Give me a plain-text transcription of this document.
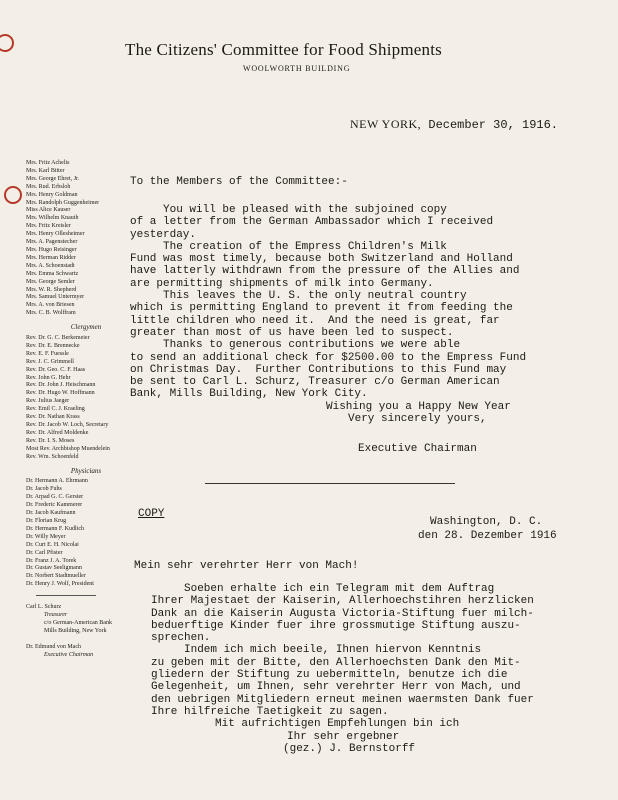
The Citizens' Committee for Food Shipments
WOOLWORTH BUILDING
NEW YORK, December 30, 1916.
Mrs. Fritz Achelis
Mrs. Karl Bitter
Mrs. George Ehret, Jr.
Mrs. Rud. Erbsloh
Mrs. Henry Goldman
Mrs. Randolph Guggenheimer
Miss Alice Kauser
Mrs. Wilhelm Knauth
Mrs. Fritz Kreisler
Mrs. Henry Ollesheimer
Mrs. A. Pagenstecher
Mrs. Hugo Reisinger
Mrs. Herman Ridder
Mrs. A. Schoenstadt
Mrs. Emma Schwartz
Mrs. George Semler
Mrs. W. R. Shepherd
Mrs. Samuel Untermyer
Mrs. A. von Briesen
Mrs. C. B. Wolffram
Clergymen
Rev. Dr. G. C. Berkemeier
Rev. Dr. E. Brennecke
Rev. E. F. Fuessle
Rev. J. C. Grimmell
Rev. Dr. Geo. C. F. Haas
Rev. John G. Hehr
Rev. Dr. John J. Heischmann
Rev. Dr. Hugo W. Hoffmann
Rev. Julius Jaeger
Rev. Emil C. J. Kraeling
Rev. Dr. Nathan Krass
Rev. Dr. Jacob W. Loch, Secretary
Rev. Dr. Alfred Moldenke
Rev. Dr. I. S. Moses
Most Rev. Archbishop Muendelein
Rev. Wm. Schoenfeld
Physicians
Dr. Hermann A. Ehrmann
Dr. Jacob Fuhs
Dr. Arpad G. C. Gerster
Dr. Frederic Kammerer
Dr. Jacob Kaufmann
Dr. Florian Krug
Dr. Hermann F. Kudlich
Dr. Willy Meyer
Dr. Curt E. H. Nicolai
Dr. Carl Pfister
Dr. Franz J. A. Torek
Dr. Gustav Seeligmann
Dr. Norbert Stadtmueller
Dr. Henry J. Wolf, President
Carl L. Schurz
Treasurer
c/o German-American Bank
Mills Building, New York
Dr. Edmund von Mach
Executive Chairman
To the Members of the Committee:-

You will be pleased with the subjoined copy
of a letter from the German Ambassador which I received
yesterday.

The creation of the Empress Children's Milk
Fund was most timely, because both Switzerland and Holland
have latterly withdrawn from the pressure of the Allies and
are permitting shipments of milk into Germany.

This leaves the U. S. the only neutral country
which is permitting England to prevent it from feeding the
little children who need it.  And the need is great, far
greater than most of us have been led to suspect.

Thanks to generous contributions we were able
to send an additional check for $2500.00 to the Empress Fund
on Christmas Day.  Further Contributions to this Fund may
be sent to Carl L. Schurz, Treasurer c/o German American
Bank, Mills Building, New York City.

Wishing you a Happy New Year
Very sincerely yours,
Executive Chairman
COPY
Washington, D. C.
den 28. Dezember 1916
Mein sehr verehrter Herr von Mach!

Soeben erhalte ich ein Telegram mit dem Auftrag
Ihrer Majestaet der Kaiserin, Allerhoechstihren herzlicken
Dank an die Kaiserin Augusta Victoria-Stiftung fuer milch-
beduerftige Kinder fuer ihre grossmutige Stiftung auszu-
sprechen.

Indem ich mich beeile, Ihnen hiervon Kenntnis
zu geben mit der Bitte, den Allerhoechsten Dank den Mit-
gliedern der Stiftung zu uebermitteln, benutze ich die
Gelegenheit, um Ihnen, sehr verehrter Herr von Mach, und
den uebrigen Mitgliedern erneut meinen waermsten Dank fuer
Ihre hilfreiche Taetigkeit zu sagen.

Mit aufrichtigen Empfehlungen bin ich
Ihr sehr ergebner
(gez.) J. Bernstorff
